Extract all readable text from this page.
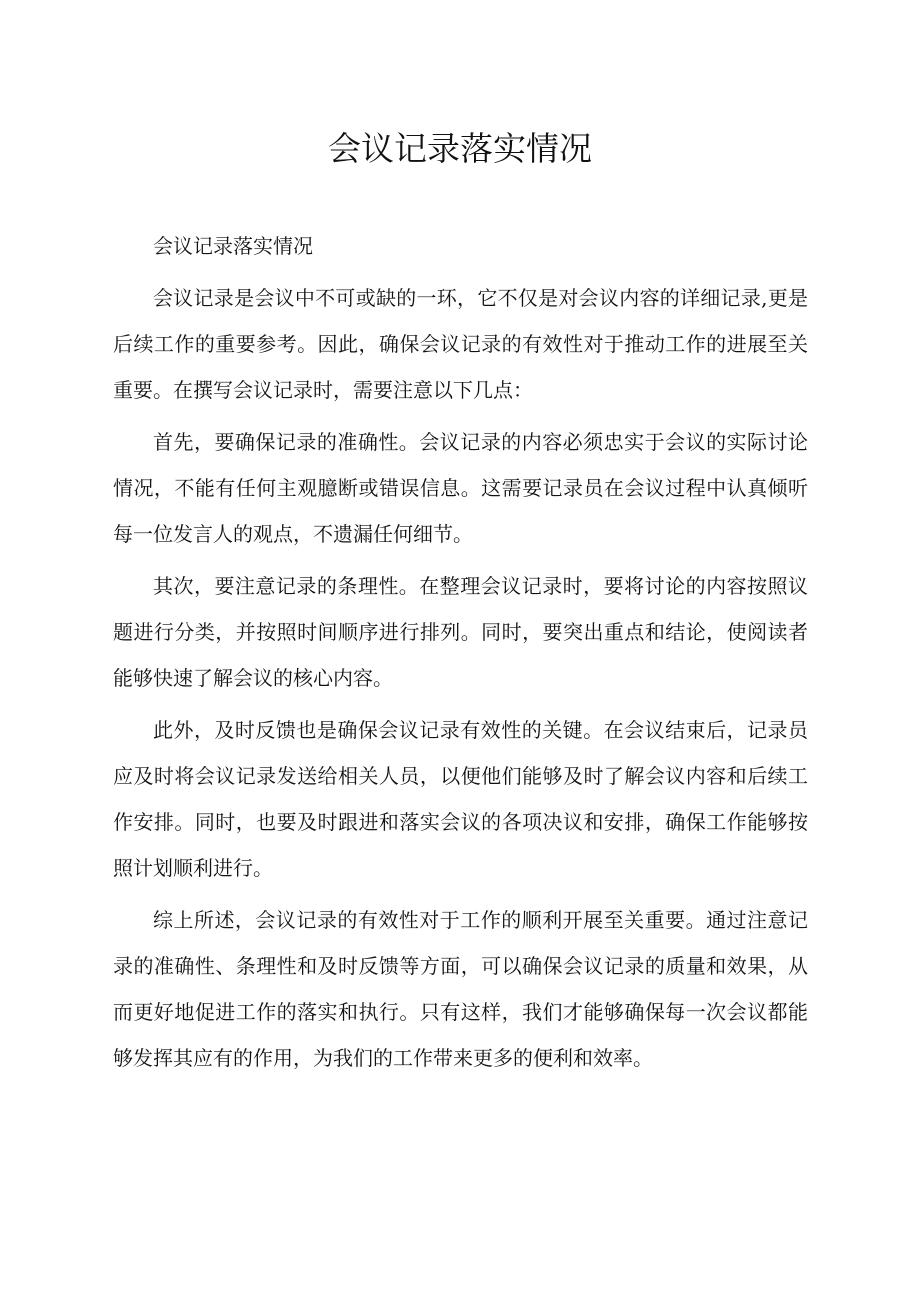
会议记录落实情况

会议记录落实情况

会议记录是会议中不可或缺的一环，它不仅是对会议内容的详细记录,更是后续工作的重要参考。因此，确保会议记录的有效性对于推动工作的进展至关重要。在撰写会议记录时，需要注意以下几点：

首先，要确保记录的准确性。会议记录的内容必须忠实于会议的实际讨论情况，不能有任何主观臆断或错误信息。这需要记录员在会议过程中认真倾听每一位发言人的观点，不遗漏任何细节。

其次，要注意记录的条理性。在整理会议记录时，要将讨论的内容按照议题进行分类，并按照时间顺序进行排列。同时，要突出重点和结论，使阅读者能够快速了解会议的核心内容。

此外，及时反馈也是确保会议记录有效性的关键。在会议结束后，记录员应及时将会议记录发送给相关人员，以便他们能够及时了解会议内容和后续工作安排。同时，也要及时跟进和落实会议的各项决议和安排，确保工作能够按照计划顺利进行。

综上所述，会议记录的有效性对于工作的顺利开展至关重要。通过注意记录的准确性、条理性和及时反馈等方面，可以确保会议记录的质量和效果，从而更好地促进工作的落实和执行。只有这样，我们才能够确保每一次会议都能够发挥其应有的作用，为我们的工作带来更多的便利和效率。
